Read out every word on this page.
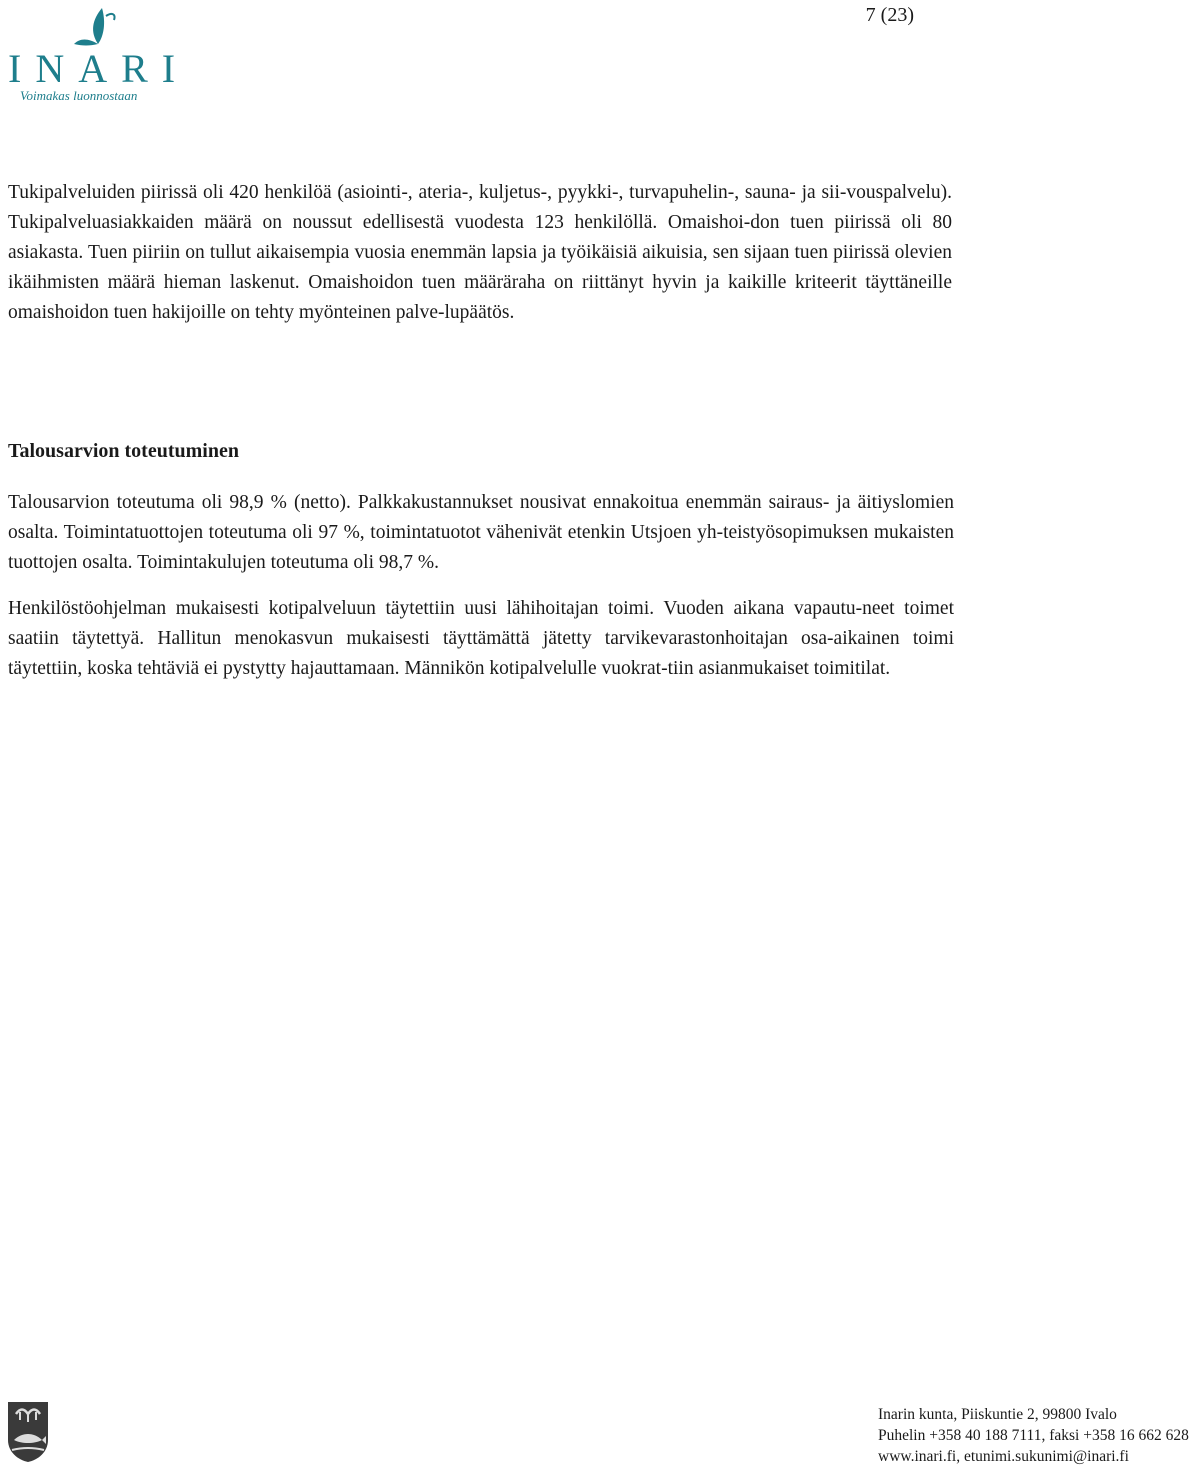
7 (23)
INARI
Voimakas luonnostaan

Tukipalveluiden piirissä oli 420 henkilöä (asiointi-, ateria-, kuljetus-, pyykki-, turvapuhelin-, sauna- ja sii-vouspalvelu). Tukipalveluasiakkaiden määrä on noussut edellisestä vuodesta 123 henkilöllä. Omaishoi-don tuen piirissä oli 80 asiakasta. Tuen piiriin on tullut aikaisempia vuosia enemmän lapsia ja työikäisiä aikuisia, sen sijaan tuen piirissä olevien ikäihmisten määrä hieman laskenut. Omaishoidon tuen määräraha on riittänyt hyvin ja kaikille kriteerit täyttäneille omaishoidon tuen hakijoille on tehty myönteinen palve-lupäätös.

Talousarvion toteutuminen

Talousarvion toteutuma oli 98,9 % (netto). Palkkakustannukset nousivat ennakoitua enemmän sairaus- ja äitiyslomien osalta. Toimintatuottojen toteutuma oli 97 %, toimintatuotot vähenivät etenkin Utsjoen yh-teistyösopimuksen mukaisten tuottojen osalta. Toimintakulujen toteutuma oli 98,7 %.

Henkilöstöohjelman mukaisesti kotipalveluun täytettiin uusi lähihoitajan toimi. Vuoden aikana vapautu-neet toimet saatiin täytettyä. Hallitun menokasvun mukaisesti täyttämättä jätetty tarvikevarastonhoitajan osa-aikainen toimi täytettiin, koska tehtäviä ei pystytty hajauttamaan. Männikön kotipalvelulle vuokrat-tiin asianmukaiset toimitilat.

Inarin kunta, Piiskuntie 2, 99800 Ivalo
Puhelin +358 40 188 7111, faksi +358 16 662 628
www.inari.fi, etunimi.sukunimi@inari.fi
